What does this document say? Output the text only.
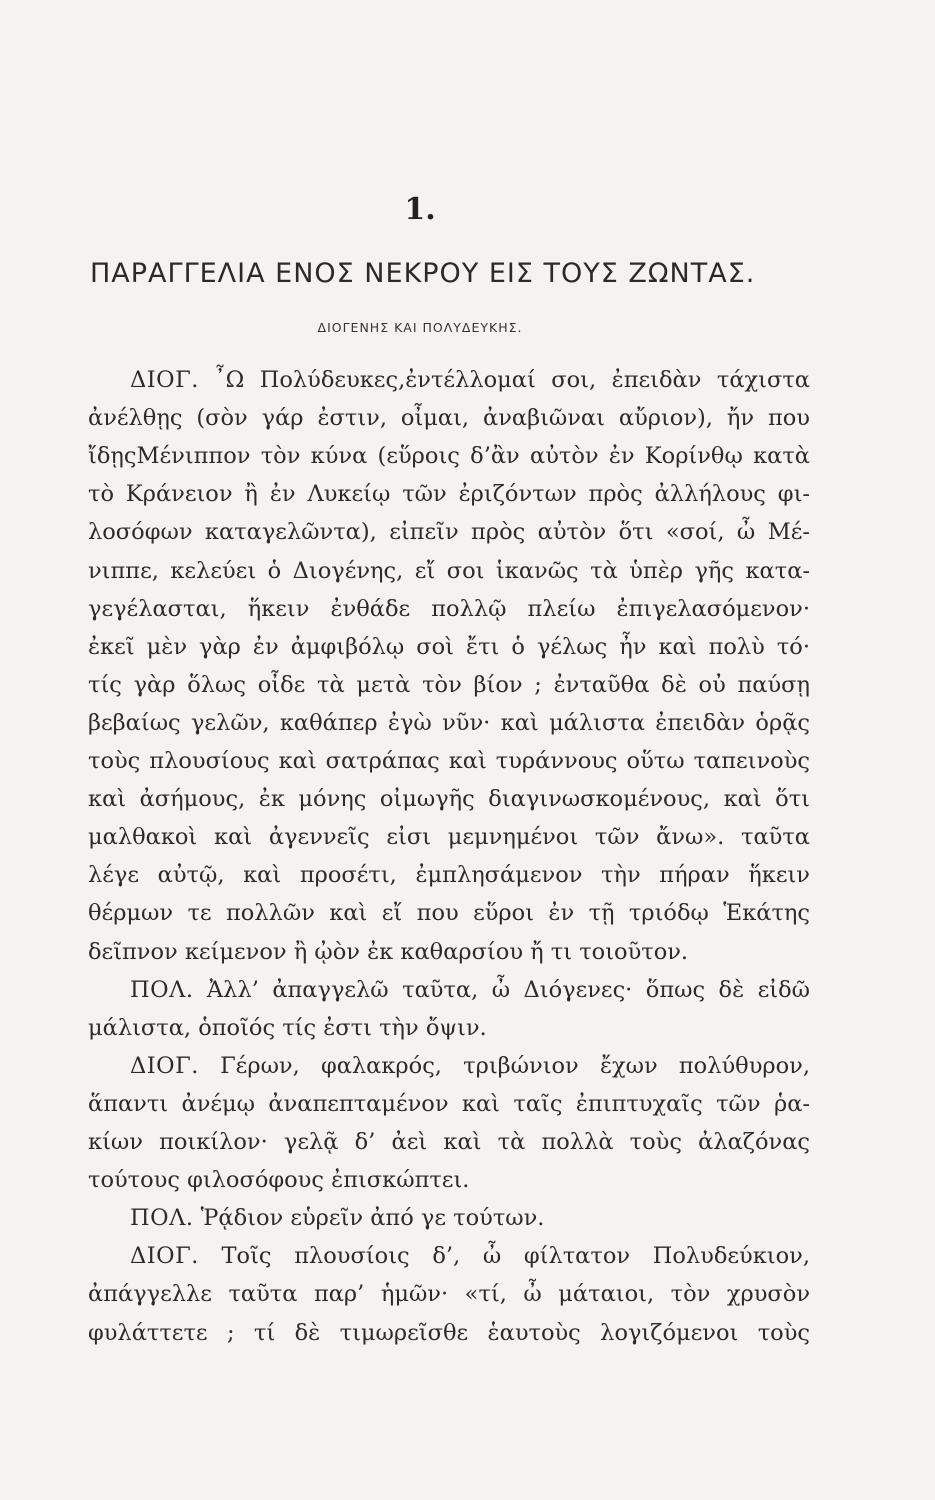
1.
ΠΑΡΑΓΓΕΛΙΑ ΕΝΟΣ ΝΕΚΡΟΥ ΕΙΣ ΤΟΥΣ ΖΩΝΤΑΣ.
ΔΙΟΓΕΝΗΣ ΚΑΙ ΠΟΛΥΔΕΥΚΗΣ.
ΔΙΟΓ. ῏Ω Πολύδευκες,ἐντέλλομαί σοι, ἐπειδὰν τάχιστα
ἀνέλθῃς (σὸν γάρ ἐστιν, οἶμαι, ἀναβιῶναι αὔριον), ἤν που
ἴδῃςΜένιππον τὸν κύνα (εὕροις δ’ἂν αὐτὸν ἐν Κορίνθῳ κατὰ
τὸ Κράνειον ἢ ἐν Λυκείῳ τῶν ἐριζόντων πρὸς ἀλλήλους φι-
λοσόφων καταγελῶντα), εἰπεῖν πρὸς αὐτὸν ὅτι «σοί, ὦ Μέ-
νιππε, κελεύει ὁ Διογένης, εἴ σοι ἱκανῶς τὰ ὑπὲρ γῆς κατα-
γεγέλασται, ἥκειν ἐνθάδε πολλῷ πλείω ἐπιγελασόμενον·
ἐκεῖ μὲν γὰρ ἐν ἀμφιβόλῳ σοὶ ἔτι ὁ γέλως ἦν καὶ πολὺ τό·
τίς γὰρ ὅλως οἶδε τὰ μετὰ τὸν βίον ; ἐνταῦθα δὲ οὐ παύσῃ
βεβαίως γελῶν, καθάπερ ἐγὼ νῦν· καὶ μάλιστα ἐπειδὰν ὁρᾷς
τοὺς πλουσίους καὶ σατράπας καὶ τυράννους οὕτω ταπεινοὺς
καὶ ἀσήμους, ἐκ μόνης οἰμωγῆς διαγινωσκομένους, καὶ ὅτι
μαλθακοὶ καὶ ἀγεννεῖς εἰσι μεμνημένοι τῶν ἄνω». ταῦτα
λέγε αὐτῷ, καὶ προσέτι, ἐμπλησάμενον τὴν πήραν ἥκειν
θέρμων τε πολλῶν καὶ εἴ που εὕροι ἐν τῇ τριόδῳ Ἑκάτης
δεῖπνον κείμενον ἢ ᾠὸν ἐκ καθαρσίου ἤ τι τοιοῦτον.
ΠΟΛ. Ἀλλ’ ἀπαγγελῶ ταῦτα, ὦ Διόγενες· ὅπως δὲ εἰδῶ
μάλιστα, ὁποῖός τίς ἐστι τὴν ὄψιν.
ΔΙΟΓ. Γέρων, φαλακρός, τριβώνιον ἔχων πολύθυρον,
ἅπαντι ἀνέμῳ ἀναπεπταμένον καὶ ταῖς ἐπιπτυχαῖς τῶν ῥα-
κίων ποικίλον· γελᾷ δ’ ἀεὶ καὶ τὰ πολλὰ τοὺς ἀλαζόνας
τούτους φιλοσόφους ἐπισκώπτει.
ΠΟΛ. Ῥᾴδιον εὑρεῖν ἀπό γε τούτων.
ΔΙΟΓ. Τοῖς πλουσίοις δ’, ὦ φίλτατον Πολυδεύκιον,
ἀπάγγελλε ταῦτα παρ’ ἡμῶν· «τί, ὦ μάταιοι, τὸν χρυσὸν
φυλάττετε ; τί δὲ τιμωρεῖσθε ἑαυτοὺς λογιζόμενοι τοὺς
